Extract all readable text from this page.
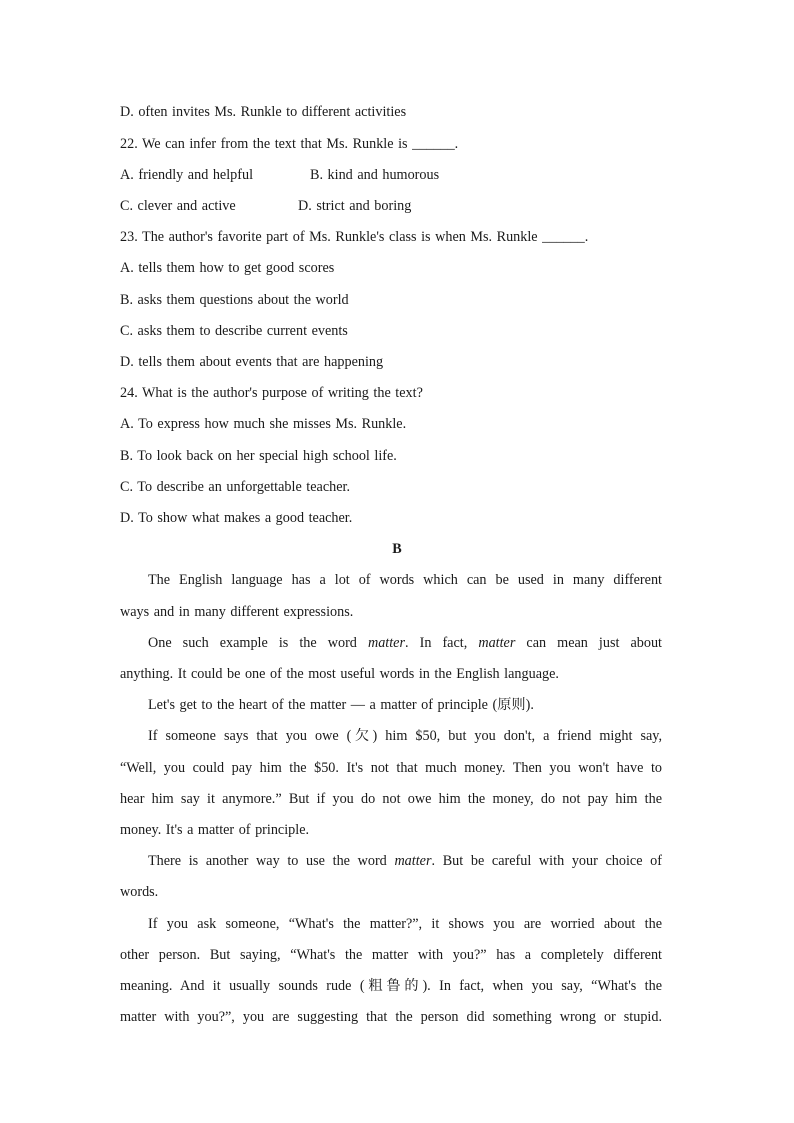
D. often invites Ms. Runkle to different activities
22. We can infer from the text that Ms. Runkle is ______.
A. friendly and helpful	B. kind and humorous
C. clever and active	D. strict and boring
23. The author's favorite part of Ms. Runkle's class is when Ms. Runkle ______.
A. tells them how to get good scores
B. asks them questions about the world
C. asks them to describe current events
D. tells them about events that are happening
24. What is the author's purpose of writing the text?
A. To express how much she misses Ms. Runkle.
B. To look back on her special high school life.
C. To describe an unforgettable teacher.
D. To show what makes a good teacher.
B
The English language has a lot of words which can be used in many different
ways and in many different expressions.
One such example is the word matter. In fact, matter can mean just about
anything. It could be one of the most useful words in the English language.
Let's get to the heart of the matter — a matter of principle (原则).
If someone says that you owe (欠) him $50, but you don't, a friend might say,
“Well, you could pay him the $50. It's not that much money. Then you won't have to
hear him say it anymore.” But if you do not owe him the money, do not pay him the
money. It's a matter of principle.
There is another way to use the word matter. But be careful with your choice of
words.
If you ask someone, “What's the matter?”, it shows you are worried about the
other person. But saying, “What's the matter with you?” has a completely different
meaning. And it usually sounds rude (粗鲁的). In fact, when you say, “What's the
matter with you?”, you are suggesting that the person did something wrong or stupid.
